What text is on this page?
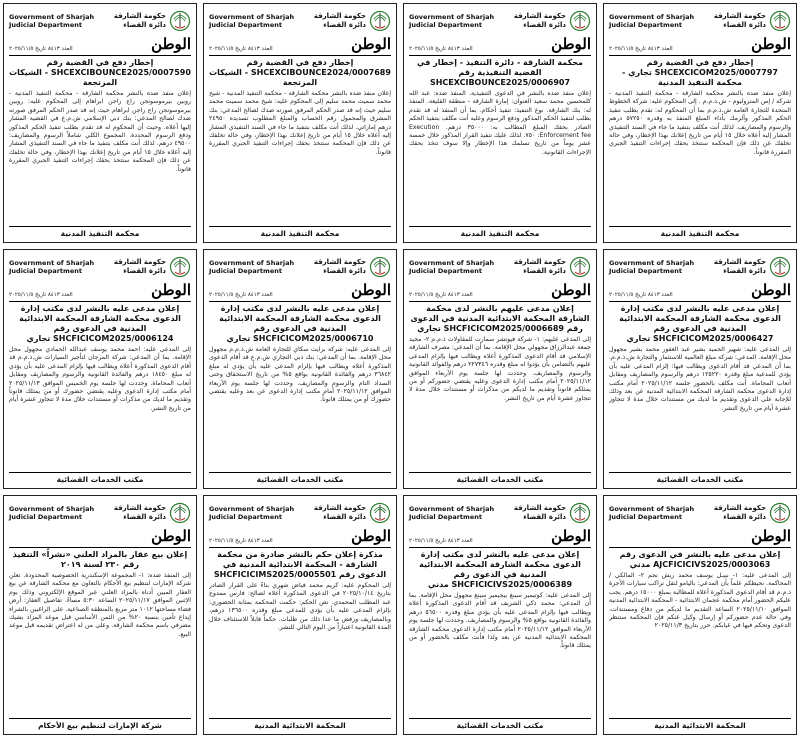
Government of Sharjah
Judicial Department
حكومة الشارقة
دائرة القضاء
العدد ٨٤١٣ تاريخ ٢٠٢٥/١١/٥	الوطن
إخطار دفع في القضية رقم SHCEXCICOM2025/0007797 تجاري - محكمة التنفيذ المدنية
إعلان منفذ ضده بالنشر محكمة الشارقة - محكمة التنفيذ المدنية - شركة / إس المتروليوم - ش.ذ.م.م . إلى المحكوم عليه: شركة الخطوط المتحدة للتجارة العامة ش.ذ.م.م بما أن المحكوم له: تقدم بطلب تنفيذ الحكم المذكور وألزمك بأداء المبلغ المنفذ به وقدره ٥٧٢٥٠ درهم والرسوم والمصاريف. لذلك أنت مكلف بتنفيذ ما جاء في السند التنفيذي المشار إليه أعلاه خلال ١٥ أيام من تاريخ إعلانك بهذا الإخطار، وفي حالة تخلفك عن ذلك فإن المحكمة ستتخذ بحقك إجراءات التنفيذ الجبري المقررة قانوناً.
محكمة التنفيذ المدنية
Government of Sharjah
Judicial Department
حكومة الشارقة
دائرة القضاء
العدد ٨٤١٣ تاريخ ٢٠٢٥/١١/٥	الوطن
محكمة الشارقة - دائرة التنفيذ - إخطار في القضية التنفيذية رقم SHCEXCIBOUNCE2025/0006907
إعلان منفذ ضده بالنشر في الدعوى التنفيذية. المنفذ ضده: عبد الله كلمحسين محمد سعيد العنوان: إمارة الشارقة - منطقة القليعة. المنفذ له: بنك الشارقة. نوع التنفيذ: تنفيذ أحكام. بما أن المنفذ له قد تقدم بطلب لتنفيذ الحكم المذكور ودفع الرسوم وعليه أنت مكلف بتنفيذ الحكم الصادر بحقك المبلغ المطالب به: ٣٥٠٠٠ درهم. Execution Enforcement fee: ٧٥٠. لذلك عليك تنفيذ القرار المذكور خلال خمسة عشر يوماً من تاريخ تسلمك هذا الإخطار وإلا سوف تتخذ بحقك الإجراءات القانونية.
محكمة التنفيذ المدنية
Government of Sharjah
Judicial Department
حكومة الشارقة
دائرة القضاء
العدد ٨٤١٣ تاريخ ٢٠٢٥/١١/٥	الوطن
إخطار دفع في القضية رقم SHCEXCIBOUNCE2024/0007689 - الشيكات المرتجعة
إعلان منفذ ضده بالنشر محكمة الشارقة - محكمة التنفيذ المدنية - شيخ محمد سميث محمد سليم إلى المحكوم عليه: شيخ محمد سميث محمد سليم حيث إنه قد صدر الحكم المرفق صورته ضدك لصالح المدعي: بنك المشرق والمحمول رقم الحساب والمبلغ المطلوب تسديده ٢٤٩٥٠ درهم إماراتي. لذلك أنت مكلف بتنفيذ ما جاء في السند التنفيذي المشار إليه أعلاه خلال ١٥ أيام من تاريخ إعلانك بهذا الإخطار، وفي حالة تخلفك عن ذلك فإن المحكمة ستتخذ بحقك إجراءات التنفيذ الجبري المقررة قانوناً.
محكمة التنفيذ المدنية
Government of Sharjah
Judicial Department
حكومة الشارقة
دائرة القضاء
العدد ٨٤١٣ تاريخ ٢٠٢٥/١١/٥	الوطن
إخطار دفع في القضية رقم SHCEXCIBOUNCE2025/0007590 - الشيكات المرتجعة
إعلان منفذ ضده بالنشر محكمة الشارقة - محكمة التنفيذ المدنية - روبين بيرموسونجن راج راجن ابراهام إلى المحكوم عليه: روبين بيرموسونجن راج راجن ابراهام حيث إنه قد صدر الحكم المرفق صورته ضدك لصالح المدعي: بنك دبي الإسلامي ش.م.ع في القضية المشار إليها أعلاه. وحيث أن المحكوم له قد تقدم بطلب تنفيذ الحكم المذكور ودفع الرسوم المحددة. المجموع الكلي شاملاً الرسوم والمصاريف: ٤٩٥٠٠ درهم. لذلك أنت مكلف بتنفيذ ما جاء في السند التنفيذي المشار إليه أعلاه خلال ١٥ أيام من تاريخ إعلانك بهذا الإخطار، وفي حالة تخلفك عن ذلك فإن المحكمة ستتخذ بحقك إجراءات التنفيذ الجبري المقررة قانوناً.
محكمة التنفيذ المدنية
Government of Sharjah
Judicial Department
حكومة الشارقة
دائرة القضاء
العدد ٨٤١٣ تاريخ ٢٠٢٥/١١/٥	الوطن
إعلان مدعى عليه بالنشر لدى مكتب إدارة الدعوى محكمة الشارقة المحكمة الابتدائية المدنية في الدعوى رقم SHCFICICOM2025/0006427 تجاري
إلى المدعى عليه: شهير الحميد بشير عبد الغفور محمد بشير مجهول محل الإقامة. المدعي: شركة مبلغ العالمية للاستثمار والتجارة ش.ذ.م.م. بما أن المدعي قد أقام الدعوى ويطالب فيها: إلزام المدعى عليه بأن يؤدي للمدعية مبلغ وقدره ١٢٥٢٢٠ درهم والرسوم والمصاريف ومقابل أتعاب المحاماة. أنت مكلف بالحضور جلسة ٢٠٢٥/١١/١٢ أمام مكتب إدارة الدعوى محكمة الشارقة المحكمة الابتدائية المدنية عن بعد وذلك للإجابة على الدعوى وتقديم ما لديك من مستندات خلال مدة لا تتجاوز عشرة أيام من تاريخ النشر.
مكتب الخدمات القضائية
Government of Sharjah
Judicial Department
حكومة الشارقة
دائرة القضاء
العدد ٨٤١٣ تاريخ ٢٠٢٥/١١/٥	الوطن
إعلان مدعى عليهم بالنشر لدى محكمة الشارقة المحكمة الابتدائية المدنية في الدعوى رقم SHCFICICOM2025/0006689 تجاري
إلى المدعى عليهم: ١- شركة فيوتشر سمارت للمقاولات ذ.م.م ٢- مجيد جمعة عبدالرزاق مجهولي محل الإقامة. بما أن المدعي: مصرف الشارقة الإسلامي قد أقام الدعوى المذكورة أعلاه ويطالب فيها بإلزام المدعى عليهم بالتضامن بأن يؤدوا له مبلغ وقدره ٢٢٧٣٤٦ درهم والفوائد القانونية والرسوم والمصاريف. وحددت لها جلسة يوم الأربعاء الموافق ٢٠٢٥/١١/١٢ أمام مكتب إدارة الدعوى وعليه يقتضي حضوركم أو من يمثلكم قانوناً وتقديم ما لديكم من مذكرات أو مستندات خلال مدة لا تتجاوز عشرة أيام من تاريخ النشر.
مكتب الخدمات القضائية
Government of Sharjah
Judicial Department
حكومة الشارقة
دائرة القضاء
العدد ٨٤١٣ تاريخ ٢٠٢٥/١١/٥	الوطن
إعلان مدعى عليه بالنشر لدى مكتب إدارة الدعوى محكمة الشارقة المحكمة الابتدائية المدنية في الدعوى رقم SHCFICICOM2025/0006710 تجاري
إلى المدعى عليه: شركة برايت سكاي للتجارة العامة ش.ذ.م.م مجهول محل الإقامة. بما أن المدعي: بنك دبي التجاري ش.م.ع قد أقام الدعوى المذكورة أعلاه ويطالب فيها بإلزام المدعى عليه بأن يؤدي له مبلغ ٣٦٨٤٢ درهم والفائدة القانونية بواقع ٥% من تاريخ الاستحقاق وحتى السداد التام والرسوم والمصاريف. وحددت لها جلسة يوم الأربعاء الموافق ٢٠٢٥/١١/١٢ أمام مكتب إدارة الدعوى عن بعد وعليه يقتضي حضورك أو من يمثلك قانوناً.
مكتب الخدمات القضائية
Government of Sharjah
Judicial Department
حكومة الشارقة
دائرة القضاء
العدد ٨٤١٣ تاريخ ٢٠٢٥/١١/٥	الوطن
إعلان مدعى عليه بالنشر لدى مكتب إدارة الدعوى محكمة الشارقة المحكمة الابتدائية المدنية في الدعوى رقم SHCFICICOM2025/0006124 تجاري
إلى المدعى عليه: أحمد محمد يوسف عبدالله الحمادي مجهول محل الإقامة. بما أن المدعي: شركة المرجان لتأجير السيارات ش.ذ.م.م قد أقام الدعوى المذكورة أعلاه ويطالب فيها بإلزام المدعى عليه بأن يؤدي له مبلغ ١٨٤٥٠ درهم والفائدة القانونية والرسوم والمصاريف ومقابل أتعاب المحاماة. وحددت لها جلسة يوم الخميس الموافق ٢٠٢٥/١١/١٣ أمام مكتب إدارة الدعوى وعليه يقتضي حضورك أو من يمثلك قانوناً وتقديم ما لديك من مذكرات أو مستندات خلال مدة لا تتجاوز عشرة أيام من تاريخ النشر.
مكتب الخدمات القضائية
Government of Sharjah
Judicial Department
حكومة الشارقة
دائرة القضاء
الوطن
إعلان مدعى عليه بالنشر في الدعوى رقم AJCFICICIVS2025/0003063 مدني
إلى المدعى عليه: ١- نبيـل يوسف محمد ريش نجم ٢- المالكي / المحاكمة. نحيطكم علماً بأن المدعي: باليامو لنقل تراكب سيارات الأجرة ذ.م.م قد أقام الدعوى المذكورة أعلاه للمطالبة بمبلغ ١٥٠٠٠ درهم. يجب عليكم الحضور أمام محكمة عجمان الابتدائية - المحكمة الابتدائية المدنية الموافق ٢٠٢٥/١١/١٠ الساعة التقديم ما لديكم من دفاع ومستندات، وفي حالة عدم حضوركم أو إرسال وكيل عنكم فإن المحكمة ستنظر الدعوى وتحكم فيها في غيابكم. حرر بتاريخ ٢٠٢٥/١١/٣
المحكمة الابتدائية المدنية
Government of Sharjah
Judicial Department
حكومة الشارقة
دائرة القضاء
العدد ٨٤١٣ تاريخ ٢٠٢٥/١١/٥	الوطن
إعلان مدعى عليه بالنشر لدى مكتب إدارة الدعوى محكمة الشارقة المحكمة الابتدائية المدنية في الدعوى رقم SHCFICICIVS2025/0006389 مدني
إلى المدعى عليه: كوتيمير سينغ بيجيمير سينغ مجهول محل الإقامة. بما أن المدعي: محمد ذكي الشريف قد أقام الدعوى المذكورة أعلاه ويطالب فيها بإلزام المدعى عليه بأن يؤدي مبلغ وقدره ٥٦٥٠٠ درهم والفائدة القانونية بواقع ٥% والرسوم والمصاريف. وحددت لها جلسة يوم الأربعاء الموافق ٢٠٢٥/١١/١٢ أمام مكتب إدارة الدعوى محكمة الشارقة المحكمة الابتدائية المدنية عن بعد ولذا فأنت مكلف بالحضور أو من يمثلك قانوناً.
مكتب الخدمات القضائية
Government of Sharjah
Judicial Department
حكومة الشارقة
دائرة القضاء
العدد ٨٤١٣ تاريخ ٢٠٢٥/١١/٥	الوطن
مذكرة إعلان حكم بالنشر صادرة من محكمة الشارقة - المحكمة الابتدائية المدنية في الدعوى رقم SHCFICICIMS2025/0005501
إلى المحكوم عليه: كريم محمد فياض شهري بناءً على القرار الصادر بتاريخ ٢٠٢٥/١٠/١٤ في الدعوى المذكورة أعلاه لصالح: فارس ممدوح عبد المطلب المحمدي. نص الحكم: حكمت المحكمة بمثابة الحضوري: بإلزام المدعى عليه بأن يؤدي للمدعي مبلغ وقدره ١٣٦٥٠٠ درهم، وبالمصاريف ورفض ما عدا ذلك من طلبات. حكماً قابلاً للاستئناف خلال المدة القانونية اعتباراً من اليوم التالي للنشر.
المحكمة الابتدائية المدنية
Government of Sharjah
Judicial Department
حكومة الشارقة
دائرة القضاء
الوطن
إعلان بيع عقار بالمزاد العلني «نشراً» التنفيذ رقم ٢٣٠ لسنة ٢٠١٩
إلى المنفذ ضده: ١- المجموعة الإسكندرية الخصوصية المحدودة. تعلن شركة الإمارات لتنظيم بيع الأحكام بالتعاون مع محكمة الشارقة عن بيع العقار المبين أدناه بالمزاد العلني عبر الموقع الإلكتروني وذلك يوم الإثنين الموافق ٢٠٢٥/١١/١٧ الساعة ٥:٣٠ مساءً. تفاصيل العقار: أرض فضاء مساحتها ١٠١٢ متر مربع بالمنطقة الصناعية. على الراغبين بالشراء إيداع تأمين بنسبة ٢٠% من الثمن الأساسي قبل موعد المزاد بشيك مصرفي باسم محكمة الشارقة. وعلى من له اعتراض تقديمه قبل موعد البيع.
شركة الإمارات لتنظيم بيع الأحكام
